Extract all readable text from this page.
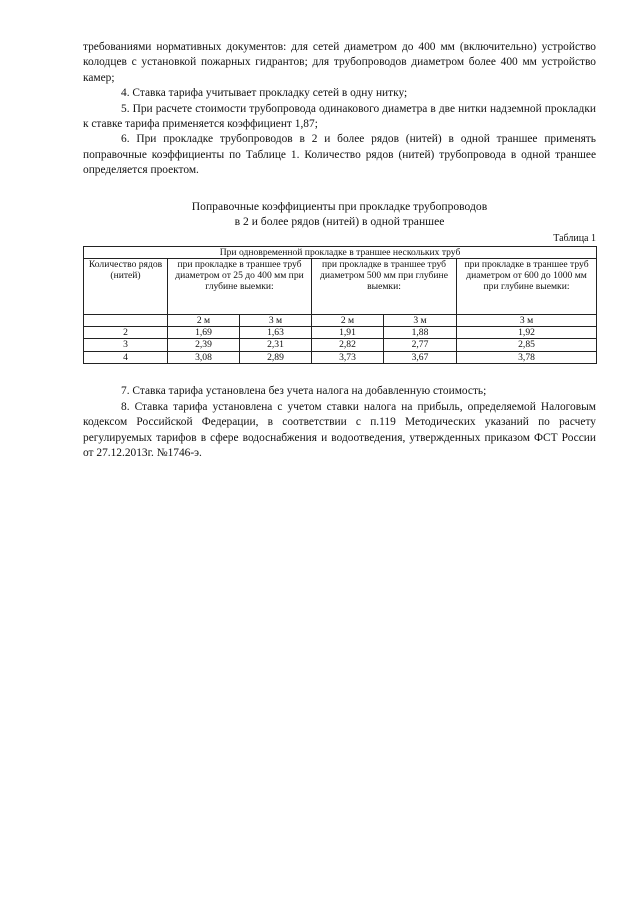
требованиями нормативных документов: для сетей диаметром до 400 мм (включительно) устройство колодцев с установкой пожарных гидрантов; для трубопроводов диаметром более 400 мм устройство камер;

4. Ставка тарифа учитывает прокладку сетей в одну нитку;

5. При расчете стоимости трубопровода одинакового диаметра в две нитки надземной прокладки к ставке тарифа применяется коэффициент 1,87;

6. При прокладке трубопроводов в 2 и более рядов (нитей) в одной траншее применять поправочные коэффициенты по Таблице 1. Количество рядов (нитей) трубопровода в одной траншее определяется проектом.

Поправочные коэффициенты при прокладке трубопроводов
в 2 и более рядов (нитей) в одной траншее
Таблица 1
При одновременной прокладке в траншее нескольких труб					
Количество рядов (нитей)	при прокладке в траншее труб диаметром от 25 до 400 мм при глубине выемки:		при прокладке в траншее труб диаметром 500 мм при глубине выемки:		при прокладке в траншее труб диаметром от 600 до 1000 мм при глубине выемки:
	2 м	3 м	2 м	3 м	3 м
2	1,69	1,63	1,91	1,88	1,92
3	2,39	2,31	2,82	2,77	2,85
4	3,08	2,89	3,73	3,67	3,78

7. Ставка тарифа установлена без учета налога на добавленную стоимость;

8. Ставка тарифа установлена с учетом ставки налога на прибыль, определяемой Налоговым кодексом Российской Федерации, в соответствии с п.119 Методических указаний по расчету регулируемых тарифов в сфере водоснабжения и водоотведения, утвержденных приказом ФСТ России от 27.12.2013г. №1746-э.
